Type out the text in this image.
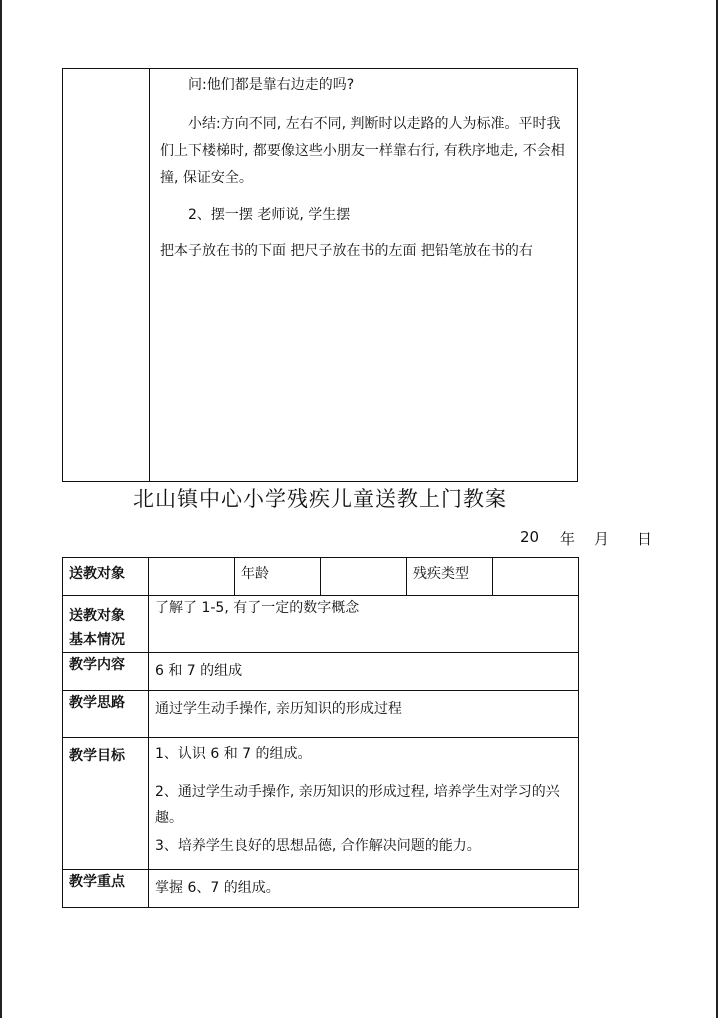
问:他们都是靠右边走的吗?

小结:方向不同, 左右不同, 判断时以走路的人为标准。平时我们上下楼梯时, 都要像这些小朋友一样靠右行, 有秩序地走, 不会相撞, 保证安全。

2、摆一摆 老师说, 学生摆

把本子放在书的下面 把尺子放在书的左面 把铅笔放在书的右

北山镇中心小学残疾儿童送教上门教案
20 年 月 日
送教对象		年龄		残疾类型	

送教对象
基本情况	了解了 1-5, 有了一定的数字概念				
教学内容	6 和 7 的组成				
教学思路	通过学生动手操作, 亲历知识的形成过程				
教学目标	1、认识 6 和 7 的组成。

2、通过学生动手操作, 亲历知识的形成过程, 培养学生对学习的兴趣。

3、培养学生良好的思想品德, 合作解决问题的能力。				

教学重点	掌握 6、7 的组成。				
